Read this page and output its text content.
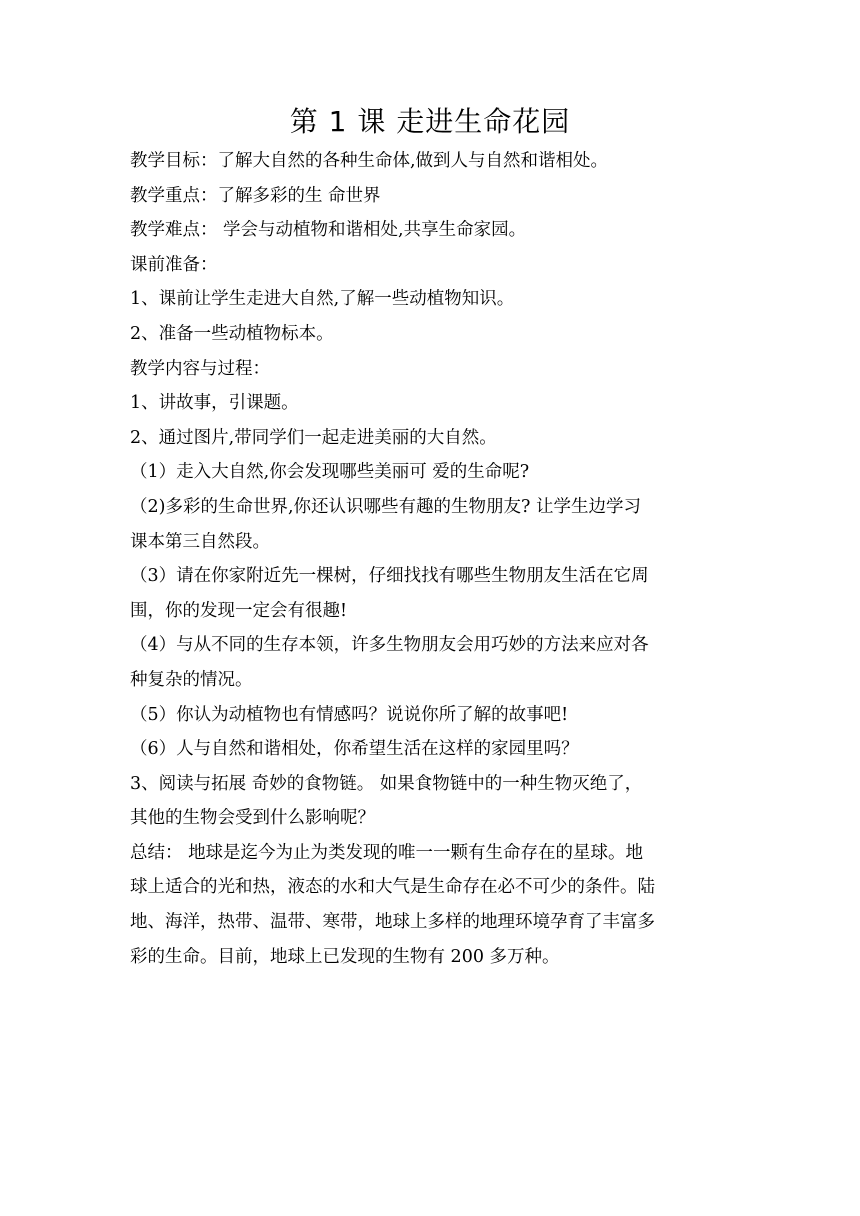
第 1 课 走进生命花园
教学目标：了解大自然的各种生命体,做到人与自然和谐相处。
教学重点：了解多彩的生 命世界
教学难点： 学会与动植物和谐相处,共享生命家园。
课前准备：
1、课前让学生走进大自然,了解一些动植物知识。
2、准备一些动植物标本。
教学内容与过程：
1、讲故事，引课题。
2、通过图片,带同学们一起走进美丽的大自然。
（1）走入大自然,你会发现哪些美丽可 爱的生命呢?
（2)多彩的生命世界,你还认识哪些有趣的生物朋友? 让学生边学习
课本第三自然段。
（3）请在你家附近先一棵树，仔细找找有哪些生物朋友生活在它周
围，你的发现一定会有很趣!
（4）与从不同的生存本领，许多生物朋友会用巧妙的方法来应对各
种复杂的情况。
（5）你认为动植物也有情感吗？说说你所了解的故事吧!
（6）人与自然和谐相处，你希望生活在这样的家园里吗？
3、阅读与拓展 奇妙的食物链。 如果食物链中的一种生物灭绝了，
其他的生物会受到什么影响呢？
总结： 地球是迄今为止为类发现的唯一一颗有生命存在的星球。地
球上适合的光和热，液态的水和大气是生命存在必不可少的条件。陆
地、海洋，热带、温带、寒带，地球上多样的地理环境孕育了丰富多
彩的生命。目前，地球上已发现的生物有 200 多万种。
